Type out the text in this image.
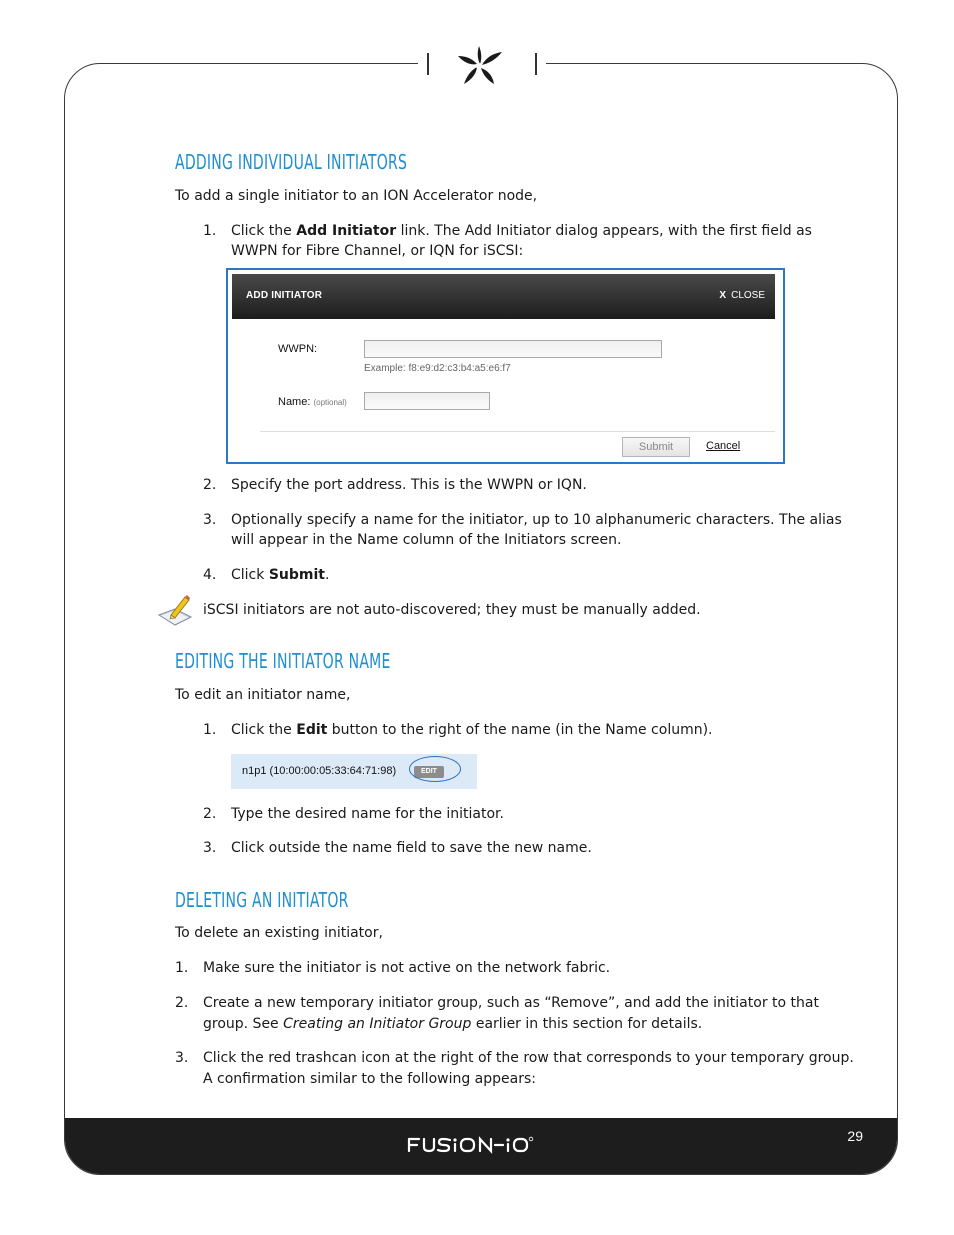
29
ADDING INDIVIDUAL INITIATORS
To add a single initiator to an ION Accelerator node,
1. Click the Add Initiator link. The Add Initiator dialog appears, with the first field as
WWPN for Fibre Channel, or IQN for iSCSI:
ADD INITIATOR	X CLOSE
WWPN:
Example: f8:e9:d2:c3:b4:a5:e6:f7
Name: (optional)
Submit	Cancel
2. Specify the port address. This is the WWPN or IQN.
3. Optionally specify a name for the initiator, up to 10 alphanumeric characters. The alias
will appear in the Name column of the Initiators screen.
4. Click Submit.
iSCSI initiators are not auto-discovered; they must be manually added.
EDITING THE INITIATOR NAME
To edit an initiator name,
1. Click the Edit button to the right of the name (in the Name column).
n1p1 (10:00:00:05:33:64:71:98)	EDIT
2. Type the desired name for the initiator.
3. Click outside the name field to save the new name.
DELETING AN INITIATOR
To delete an existing initiator,
1. Make sure the initiator is not active on the network fabric.
2. Create a new temporary initiator group, such as “Remove”, and add the initiator to that
group. See Creating an Initiator Group earlier in this section for details.
3. Click the red trashcan icon at the right of the row that corresponds to your temporary group.
A confirmation similar to the following appears:
